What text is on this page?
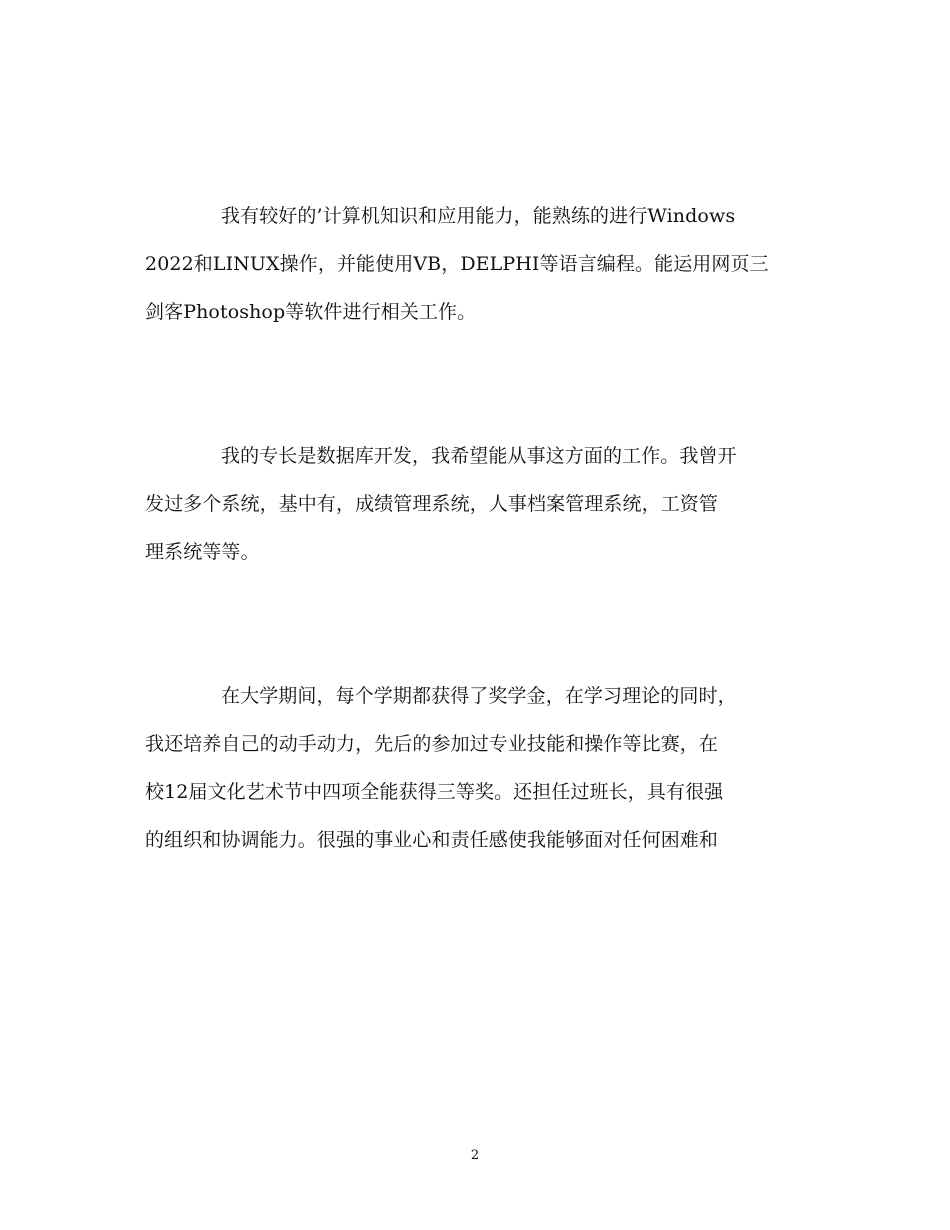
我有较好的’计算机知识和应用能力，能熟练的进行Windows
2022和LINUX操作，并能使用VB，DELPHI等语言编程。能运用网页三
剑客Photoshop等软件进行相关工作。
我的专长是数据库开发，我希望能从事这方面的工作。我曾开
发过多个系统，基中有，成绩管理系统，人事档案管理系统，工资管
理系统等等。
在大学期间，每个学期都获得了奖学金，在学习理论的同时，
我还培养自己的动手动力，先后的参加过专业技能和操作等比赛，在
校12届文化艺术节中四项全能获得三等奖。还担任过班长，具有很强
的组织和协调能力。很强的事业心和责任感使我能够面对任何困难和
2
